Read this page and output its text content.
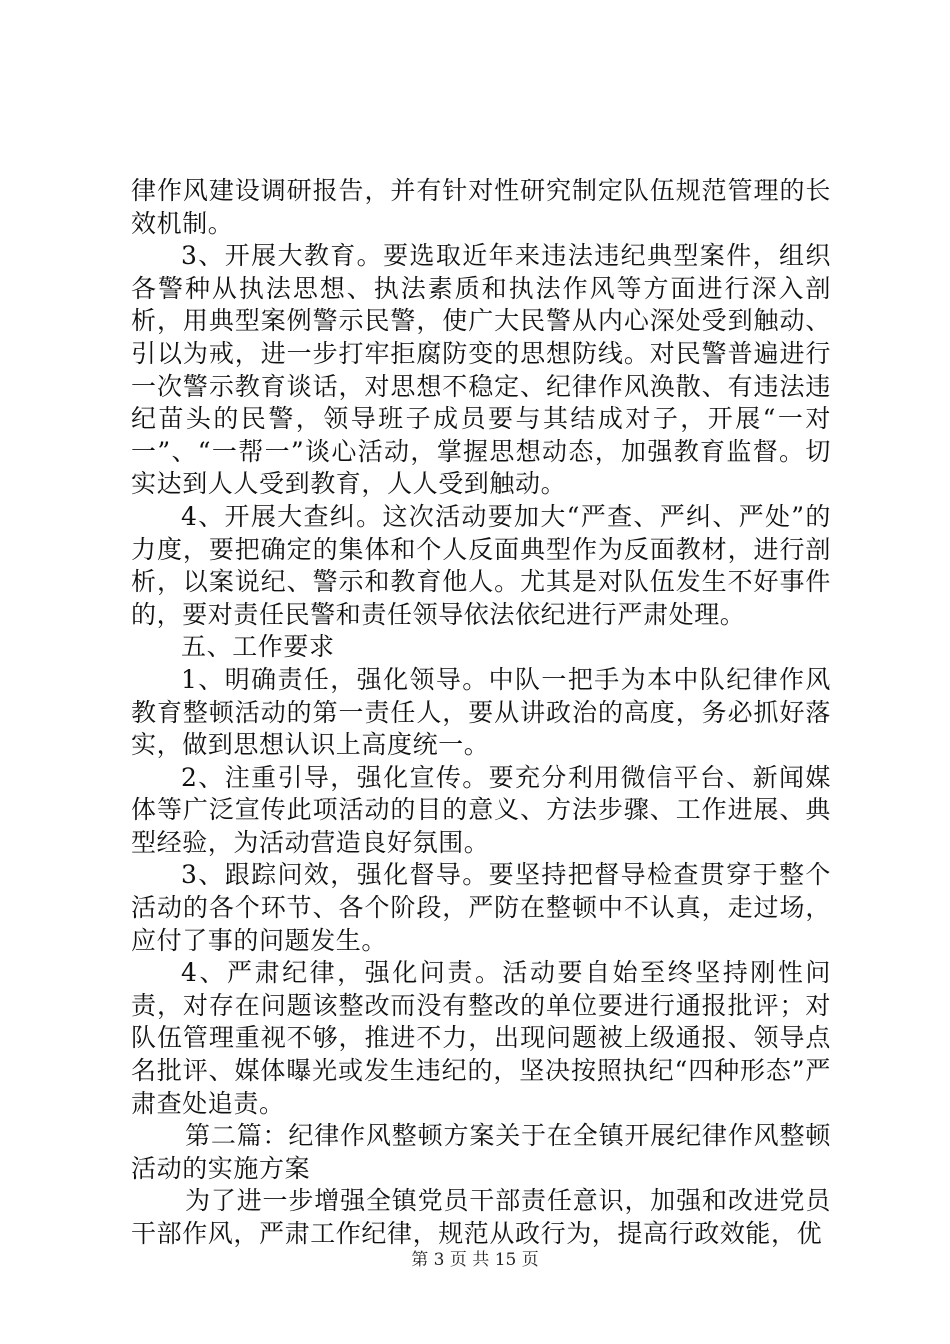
律作风建设调研报告，并有针对性研究制定队伍规范管理的长效机制。

3、开展大教育。要选取近年来违法违纪典型案件，组织各警种从执法思想、执法素质和执法作风等方面进行深入剖析，用典型案例警示民警，使广大民警从内心深处受到触动、引以为戒，进一步打牢拒腐防变的思想防线。对民警普遍进行一次警示教育谈话，对思想不稳定、纪律作风涣散、有违法违纪苗头的民警，领导班子成员要与其结成对子，开展“一对一”、“一帮一”谈心活动，掌握思想动态，加强教育监督。切实达到人人受到教育，人人受到触动。

4、开展大查纠。这次活动要加大“严查、严纠、严处”的力度，要把确定的集体和个人反面典型作为反面教材，进行剖析，以案说纪、警示和教育他人。尤其是对队伍发生不好事件的，要对责任民警和责任领导依法依纪进行严肃处理。

五、工作要求

1、明确责任，强化领导。中队一把手为本中队纪律作风教育整顿活动的第一责任人，要从讲政治的高度，务必抓好落实，做到思想认识上高度统一。

2、注重引导，强化宣传。要充分利用微信平台、新闻媒体等广泛宣传此项活动的目的意义、方法步骤、工作进展、典型经验，为活动营造良好氛围。

3、跟踪问效，强化督导。要坚持把督导检查贯穿于整个活动的各个环节、各个阶段，严防在整顿中不认真，走过场，应付了事的问题发生。

4、严肃纪律，强化问责。活动要自始至终坚持刚性问责，对存在问题该整改而没有整改的单位要进行通报批评；对队伍管理重视不够，推进不力，出现问题被上级通报、领导点名批评、媒体曝光或发生违纪的，坚决按照执纪“四种形态”严肃查处追责。

第二篇：纪律作风整顿方案关于在全镇开展纪律作风整顿活动的实施方案

为了进一步增强全镇党员干部责任意识，加强和改进党员干部作风，严肃工作纪律，规范从政行为，提高行政效能，优

第 3 页 共 15 页
